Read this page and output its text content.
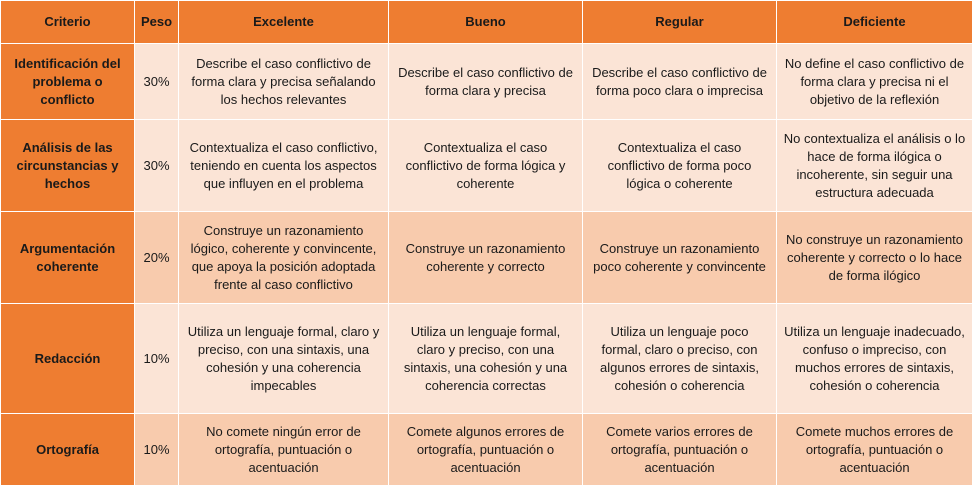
Criterio	Peso	Excelente	Bueno	Regular	Deficiente
Identificación del problema o conflicto	30%	Describe el caso conflictivo de forma clara y precisa señalando los hechos relevantes	Describe el caso conflictivo de forma clara y precisa	Describe el caso conflictivo de forma poco clara o imprecisa	No define el caso conflictivo de forma clara y precisa ni el objetivo de la reflexión
Análisis de las circunstancias y hechos	30%	Contextualiza el caso conflictivo, teniendo en cuenta los aspectos que influyen en el problema	Contextualiza el caso conflictivo de forma lógica y coherente	Contextualiza el caso conflictivo de forma poco lógica o coherente	No contextualiza el análisis o lo hace de forma ilógica o incoherente, sin seguir una estructura adecuada
Argumentación coherente	20%	Construye un razonamiento lógico, coherente y convincente, que apoya la posición adoptada frente al caso conflictivo	Construye un razonamiento coherente y correcto	Construye un razonamiento poco coherente y convincente	No construye un razonamiento coherente y correcto o lo hace de forma ilógico
Redacción	10%	Utiliza un lenguaje formal, claro y preciso, con una sintaxis, una cohesión y una coherencia impecables	Utiliza un lenguaje formal, claro y preciso, con una sintaxis, una cohesión y una coherencia correctas	Utiliza un lenguaje poco formal, claro o preciso, con algunos errores de sintaxis, cohesión o coherencia	Utiliza un lenguaje inadecuado, confuso o impreciso, con muchos errores de sintaxis, cohesión o coherencia
Ortografía	10%	No comete ningún error de ortografía, puntuación o acentuación	Comete algunos errores de ortografía, puntuación o acentuación	Comete varios errores de ortografía, puntuación o acentuación	Comete muchos errores de ortografía, puntuación o acentuación
